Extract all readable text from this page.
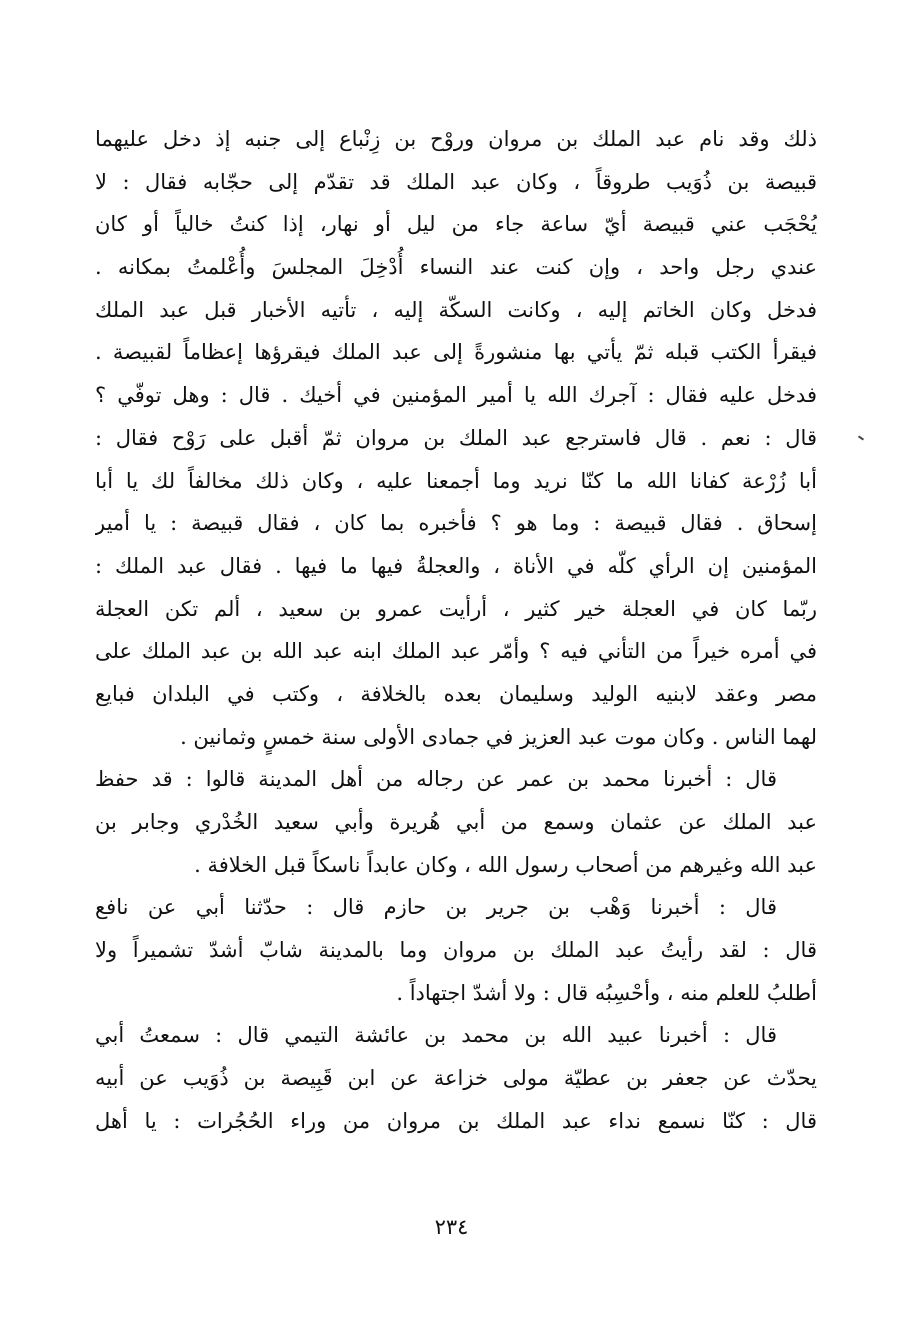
ذلك وقد نام عبد الملك بن مروان وروْح بن زِنْباع إلى جنبه إذ دخل عليهما
قبيصة بن ذُوَيب طروقاً ، وكان عبد الملك قد تقدّم إلى حجّابه فقال : لا
يُحْجَب عني قبيصة أيّ ساعة جاء من ليل أو نهار، إذا كنتُ خالياً أو كان
عندي رجل واحد ، وإن كنت عند النساء أُدْخِلَ المجلسَ وأُعْلمتُ بمكانه .
فدخل وكان الخاتم إليه ، وكانت السكّة إليه ، تأتيه الأخبار قبل عبد الملك
فيقرأ الكتب قبله ثمّ يأتي بها منشورةً إلى عبد الملك فيقرؤها إعظاماً لقبيصة .
فدخل عليه فقال : آجرك الله يا أمير المؤمنين في أخيك . قال : وهل توفّي ؟
قال : نعم . قال فاسترجع عبد الملك بن مروان ثمّ أقبل على رَوْح فقال :
أبا زُرْعة كفانا الله ما كنّا نريد وما أجمعنا عليه ، وكان ذلك مخالفاً لك يا أبا
إسحاق . فقال قبيصة : وما هو ؟ فأخبره بما كان ، فقال قبيصة : يا أمير
المؤمنين إن الرأي كلّه في الأناة ، والعجلةُ فيها ما فيها . فقال عبد الملك :
ربّما كان في العجلة خير كثير ، أرأيت عمرو بن سعيد ، ألم تكن العجلة
في أمره خيراً من التأني فيه ؟ وأمّر عبد الملك ابنه عبد الله بن عبد الملك على
مصر وعقد لابنيه الوليد وسليمان بعده بالخلافة ، وكتب في البلدان فبايع
لهما الناس . وكان موت عبد العزيز في جمادى الأولى سنة خمسٍ وثمانين .
قال : أخبرنا محمد بن عمر عن رجاله من أهل المدينة قالوا : قد حفظ
عبد الملك عن عثمان وسمع من أبي هُريرة وأبي سعيد الخُدْري وجابر بن
عبد الله وغيرهم من أصحاب رسول الله ، وكان عابداً ناسكاً قبل الخلافة .
قال : أخبرنا وَهْب بن جرير بن حازم قال : حدّثنا أبي عن نافع
قال : لقد رأيتُ عبد الملك بن مروان وما بالمدينة شابّ أشدّ تشميراً ولا
أطلبُ للعلم منه ، وأحْسِبُه قال : ولا أشدّ اجتهاداً .
قال : أخبرنا عبيد الله بن محمد بن عائشة التيمي قال : سمعتُ أبي
يحدّث عن جعفر بن عطيّة مولى خزاعة عن ابن قَبِيصة بن ذُوَيب عن أبيه
قال : كنّا نسمع نداء عبد الملك بن مروان من وراء الحُجُرات : يا أهل
٢٣٤
